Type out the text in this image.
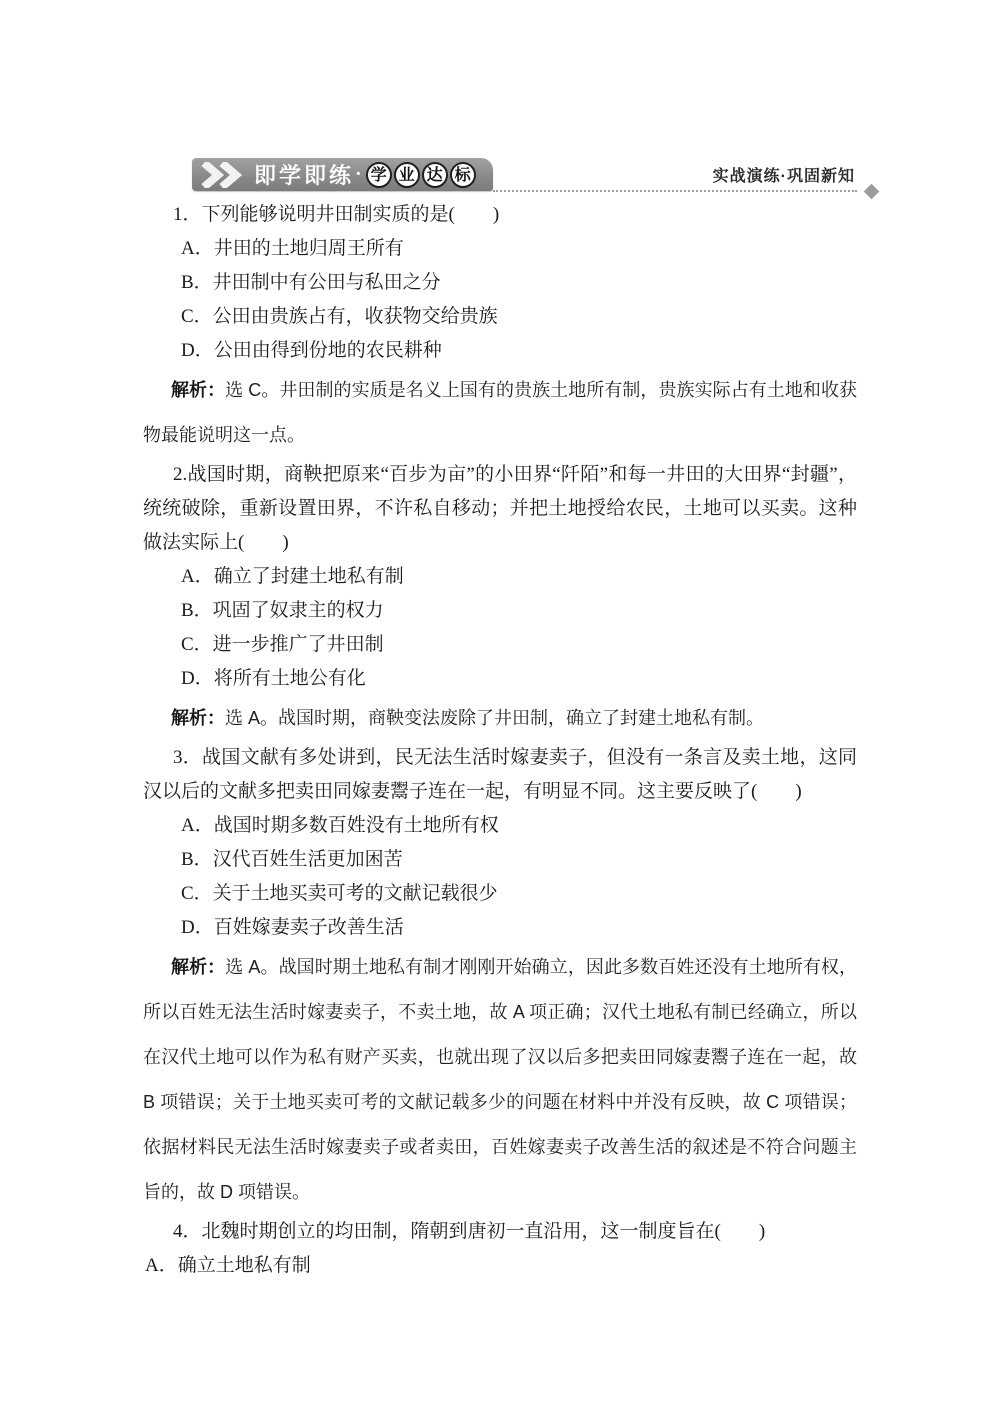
即学即练 · 学 业 达 标	实战演练·巩固新知

1．下列能够说明井田制实质的是(　　)

A．井田的土地归周王所有

B．井田制中有公田与私田之分

C．公田由贵族占有，收获物交给贵族

D．公田由得到份地的农民耕种

解析：选 C。井田制的实质是名义上国有的贵族土地所有制，贵族实际占有土地和收获物最能说明这一点。

2.战国时期，商鞅把原来“百步为亩”的小田界“阡陌”和每一井田的大田界“封疆”，统统破除，重新设置田界，不许私自移动；并把土地授给农民，土地可以买卖。这种做法实际上(　　)

A．确立了封建土地私有制

B．巩固了奴隶主的权力

C．进一步推广了井田制

D．将所有土地公有化

解析：选 A。战国时期，商鞅变法废除了井田制，确立了封建土地私有制。

3．战国文献有多处讲到，民无法生活时嫁妻卖子，但没有一条言及卖土地，这同汉以后的文献多把卖田同嫁妻鬻子连在一起，有明显不同。这主要反映了(　　)

A．战国时期多数百姓没有土地所有权

B．汉代百姓生活更加困苦

C．关于土地买卖可考的文献记载很少

D．百姓嫁妻卖子改善生活

解析：选 A。战国时期土地私有制才刚刚开始确立，因此多数百姓还没有土地所有权，所以百姓无法生活时嫁妻卖子，不卖土地，故 A 项正确；汉代土地私有制已经确立，所以在汉代土地可以作为私有财产买卖，也就出现了汉以后多把卖田同嫁妻鬻子连在一起，故 B 项错误；关于土地买卖可考的文献记载多少的问题在材料中并没有反映，故 C 项错误；依据材料民无法生活时嫁妻卖子或者卖田，百姓嫁妻卖子改善生活的叙述是不符合问题主旨的，故 D 项错误。

4．北魏时期创立的均田制，隋朝到唐初一直沿用，这一制度旨在(　　)

A．确立土地私有制
